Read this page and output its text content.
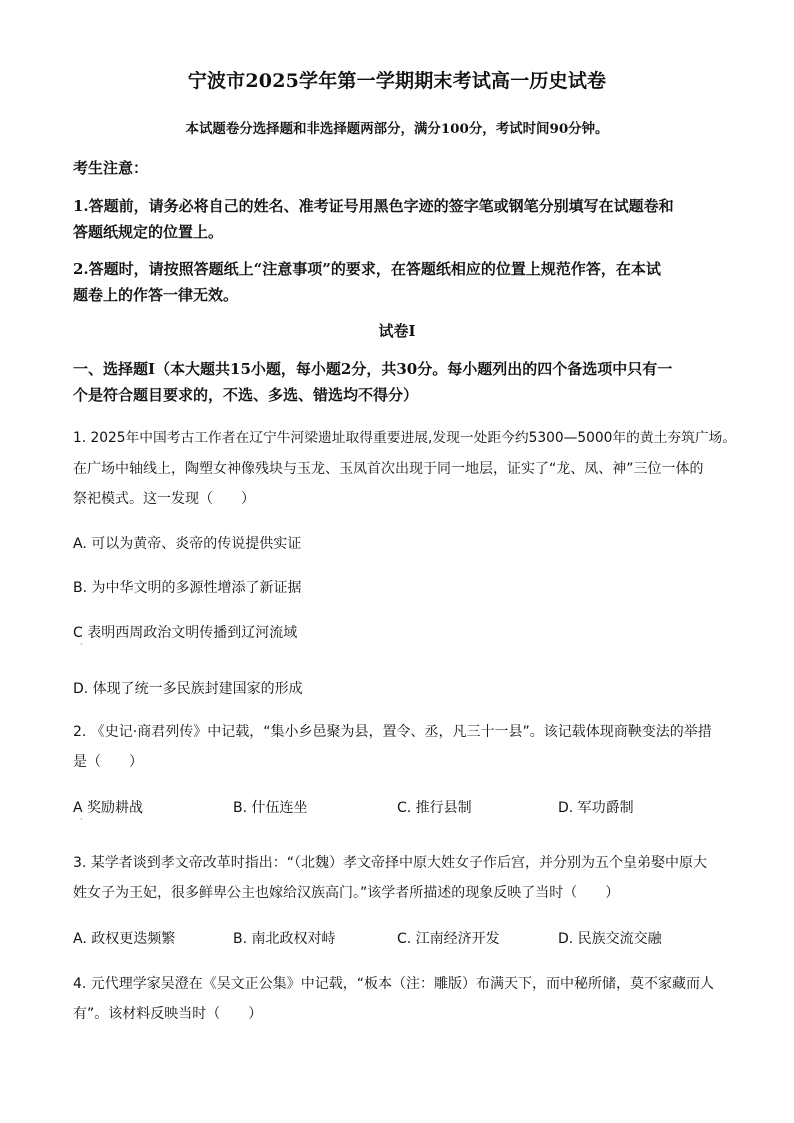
宁波市2025学年第一学期期末考试高一历史试卷
本试题卷分选择题和非选择题两部分，满分100分，考试时间90分钟。
考生注意：
1.答题前，请务必将自己的姓名、准考证号用黑色字迹的签字笔或钢笔分别填写在试题卷和
答题纸规定的位置上。
2.答题时，请按照答题纸上“注意事项”的要求，在答题纸相应的位置上规范作答，在本试
题卷上的作答一律无效。
试卷Ⅰ
一、选择题Ⅰ（本大题共15小题，每小题2分，共30分。每小题列出的四个备选项中只有一
个是符合题目要求的，不选、多选、错选均不得分）
1. 2025年中国考古工作者在辽宁牛河梁遗址取得重要进展,发现一处距今约5300—5000年的黄土夯筑广场。
在广场中轴线上，陶塑女神像残块与玉龙、玉凤首次出现于同一地层，证实了“龙、凤、神”三位一体的
祭祀模式。这一发现（　　）
A. 可以为黄帝、炎帝的传说提供实证
B. 为中华文明的多源性增添了新证据
C 表明西周政治文明传播到辽河流域
·
D. 体现了统一多民族封建国家的形成
2. 《史记·商君列传》中记载，“集小乡邑聚为县，置令、丞，凡三十一县”。该记载体现商鞅变法的举措
是（　　）
A 奖励耕战
·
B. 什伍连坐	C. 推行县制	D. 军功爵制
3. 某学者谈到孝文帝改革时指出：“（北魏）孝文帝择中原大姓女子作后宫，并分别为五个皇弟娶中原大
姓女子为王妃，很多鲜卑公主也嫁给汉族高门。”该学者所描述的现象反映了当时（　　）
A. 政权更迭频繁	B. 南北政权对峙	C. 江南经济开发	D. 民族交流交融
4. 元代理学家吴澄在《吴文正公集》中记载，“板本（注：雕版）布满天下，而中秘所储，莫不家藏而人
有”。该材料反映当时（　　）
